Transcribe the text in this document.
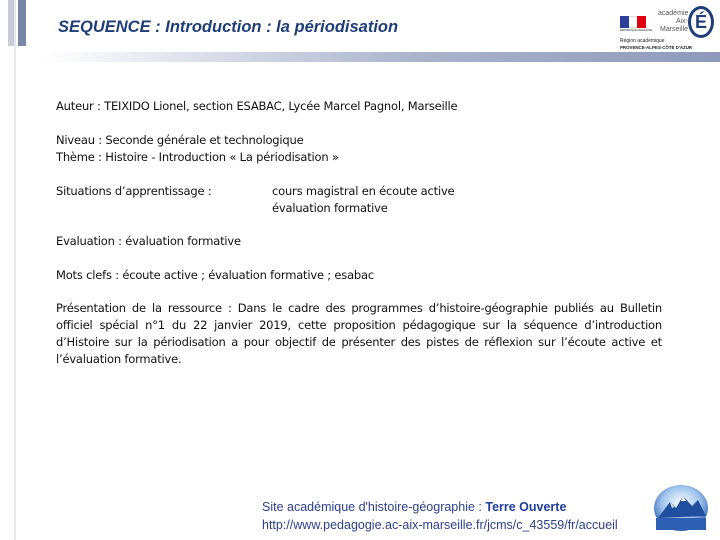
SEQUENCE : Introduction : la périodisation	RÉPUBLIQUE FRANÇAISE
académie Aix-Marseille É
Région académique
PROVENCE-ALPES-CÔTE D'AZUR

Auteur : TEIXIDO Lionel, section ESABAC, Lycée Marcel Pagnol, Marseille

Niveau : Seconde générale et technologique

Thème : Histoire - Introduction « La périodisation »

Situations d’apprentissage :	cours magistral en écoute active
évaluation formative

Evaluation : évaluation formative

Mots clefs : écoute active ; évaluation formative ; esabac

Présentation de la ressource : Dans le cadre des programmes d’histoire-géographie publiés au Bulletin officiel spécial n°1 du 22 janvier 2019, cette proposition pédagogique sur la séquence d’introduction d’Histoire sur la périodisation a pour objectif de présenter des pistes de réflexion sur l’écoute active et l’évaluation formative.

Site académique d'histoire-géographie : Terre Ouverte
http://www.pedagogie.ac-aix-marseille.fr/jcms/c_43559/fr/accueil
